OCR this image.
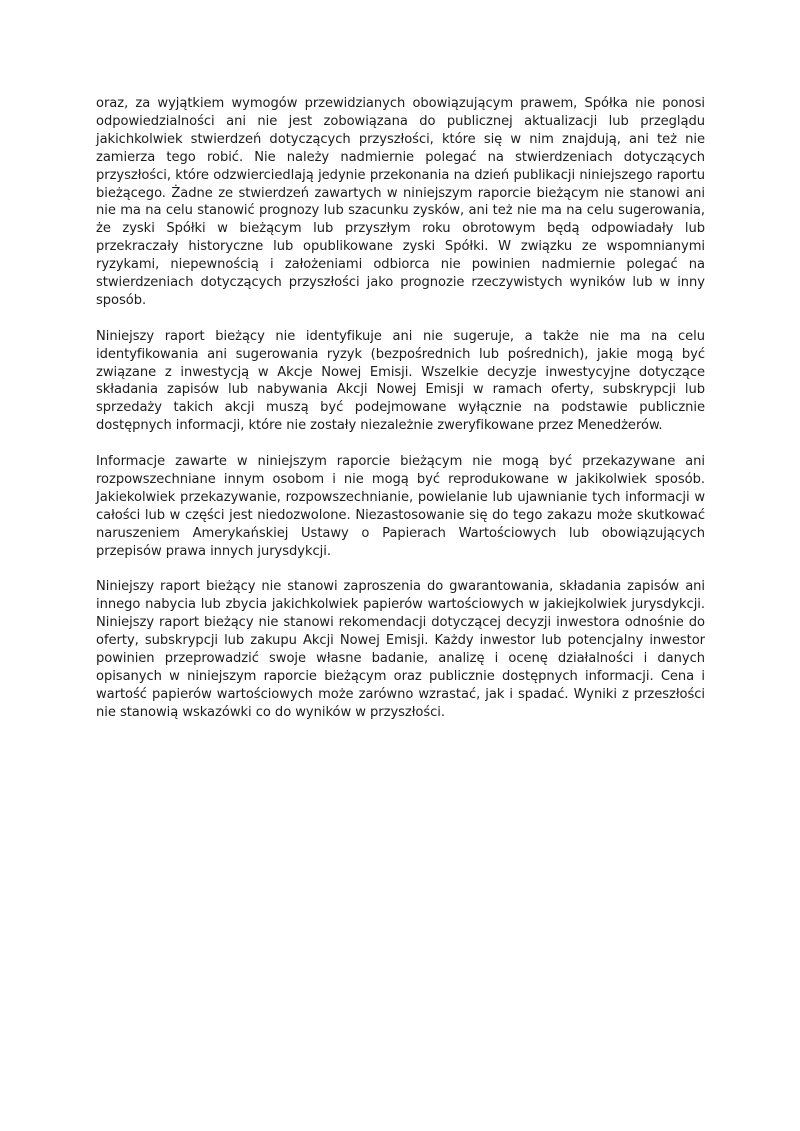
oraz, za wyjątkiem wymogów przewidzianych obowiązującym prawem, Spółka nie ponosi odpowiedzialności ani nie jest zobowiązana do publicznej aktualizacji lub przeglądu jakichkolwiek stwierdzeń dotyczących przyszłości, które się w nim znajdują, ani też nie zamierza tego robić. Nie należy nadmiernie polegać na stwierdzeniach dotyczących przyszłości, które odzwierciedlają jedynie przekonania na dzień publikacji niniejszego raportu bieżącego. Żadne ze stwierdzeń zawartych w niniejszym raporcie bieżącym nie stanowi ani nie ma na celu stanowić prognozy lub szacunku zysków, ani też nie ma na celu sugerowania, że zyski Spółki w bieżącym lub przyszłym roku obrotowym będą odpowiadały lub przekraczały historyczne lub opublikowane zyski Spółki. W związku ze wspomnianymi ryzykami, niepewnością i założeniami odbiorca nie powinien nadmiernie polegać na stwierdzeniach dotyczących przyszłości jako prognozie rzeczywistych wyników lub w inny sposób.

Niniejszy raport bieżący nie identyfikuje ani nie sugeruje, a także nie ma na celu identyfikowania ani sugerowania ryzyk (bezpośrednich lub pośrednich), jakie mogą być związane z inwestycją w Akcje Nowej Emisji. Wszelkie decyzje inwestycyjne dotyczące składania zapisów lub nabywania Akcji Nowej Emisji w ramach oferty, subskrypcji lub sprzedaży takich akcji muszą być podejmowane wyłącznie na podstawie publicznie dostępnych informacji, które nie zostały niezależnie zweryfikowane przez Menedżerów.

Informacje zawarte w niniejszym raporcie bieżącym nie mogą być przekazywane ani rozpowszechniane innym osobom i nie mogą być reprodukowane w jakikolwiek sposób. Jakiekolwiek przekazywanie, rozpowszechnianie, powielanie lub ujawnianie tych informacji w całości lub w części jest niedozwolone. Niezastosowanie się do tego zakazu może skutkować naruszeniem Amerykańskiej Ustawy o Papierach Wartościowych lub obowiązujących przepisów prawa innych jurysdykcji.

Niniejszy raport bieżący nie stanowi zaproszenia do gwarantowania, składania zapisów ani innego nabycia lub zbycia jakichkolwiek papierów wartościowych w jakiejkolwiek jurysdykcji. Niniejszy raport bieżący nie stanowi rekomendacji dotyczącej decyzji inwestora odnośnie do oferty, subskrypcji lub zakupu Akcji Nowej Emisji. Każdy inwestor lub potencjalny inwestor powinien przeprowadzić swoje własne badanie, analizę i ocenę działalności i danych opisanych w niniejszym raporcie bieżącym oraz publicznie dostępnych informacji. Cena i wartość papierów wartościowych może zarówno wzrastać, jak i spadać. Wyniki z przeszłości nie stanowią wskazówki co do wyników w przyszłości.
